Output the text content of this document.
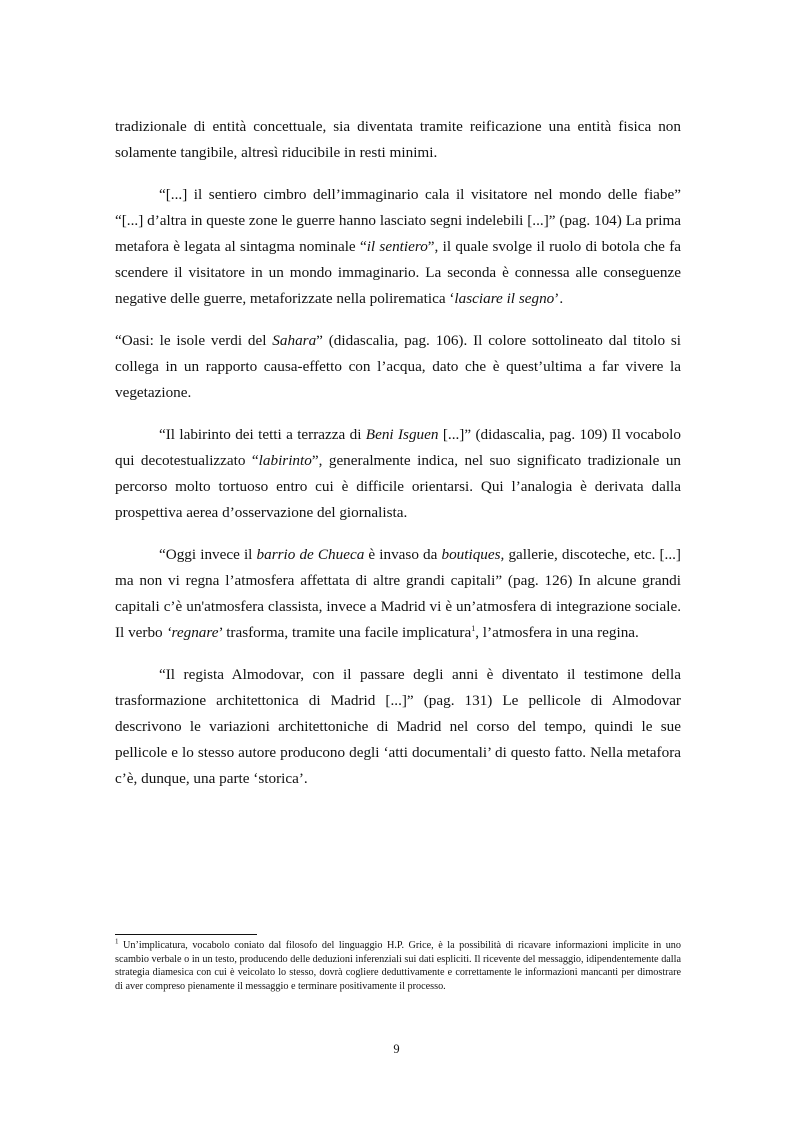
tradizionale di entità concettuale, sia diventata tramite reificazione una entità fisica non solamente tangibile, altresì riducibile in resti minimi.

“[...] il sentiero cimbro dell’immaginario cala il visitatore nel mondo delle fiabe” “[...] d’altra in queste zone le guerre hanno lasciato segni indelebili [...]” (pag. 104) La prima metafora è legata al sintagma nominale “il sentiero”, il quale svolge il ruolo di botola che fa scendere il visitatore in un mondo immaginario. La seconda è connessa alle conseguenze negative delle guerre, metaforizzate nella polirematica ‘lasciare il segno’.

“Oasi: le isole verdi del Sahara” (didascalia, pag. 106). Il colore sottolineato dal titolo si collega in un rapporto causa-effetto con l’acqua, dato che è quest’ultima a far vivere la vegetazione.

“Il labirinto dei tetti a terrazza di Beni Isguen [...]” (didascalia, pag. 109) Il vocabolo qui decotestualizzato “labirinto”, generalmente indica, nel suo significato tradizionale un percorso molto tortuoso entro cui è difficile orientarsi. Qui l’analogia è derivata dalla prospettiva aerea d’osservazione del giornalista.

“Oggi invece il barrio de Chueca è invaso da boutiques, gallerie, discoteche, etc. [...] ma non vi regna l’atmosfera affettata di altre grandi capitali” (pag. 126) In alcune grandi capitali c’è un'atmosfera classista, invece a Madrid vi è un’atmosfera di integrazione sociale. Il verbo ‘regnare’ trasforma, tramite una facile implicatura$^1$, l’atmosfera in una regina.

“Il regista Almodovar, con il passare degli anni è diventato il testimone della trasformazione architettonica di Madrid [...]” (pag. 131) Le pellicole di Almodovar descrivono le variazioni architettoniche di Madrid nel corso del tempo, quindi le sue pellicole e lo stesso autore producono degli ‘atti documentali’ di questo fatto. Nella metafora c’è, dunque, una parte ‘storica’.

$^1$ Un’implicatura, vocabolo coniato dal filosofo del linguaggio H.P. Grice, è la possibilità di ricavare informazioni implicite in uno scambio verbale o in un testo, producendo delle deduzioni inferenziali sui dati espliciti. Il ricevente del messaggio, idipendentemente dalla strategia diamesica con cui è veicolato lo stesso, dovrà cogliere deduttivamente e correttamente le informazioni mancanti per dimostrare di aver compreso pienamente il messaggio e terminare positivamente il processo.

9
